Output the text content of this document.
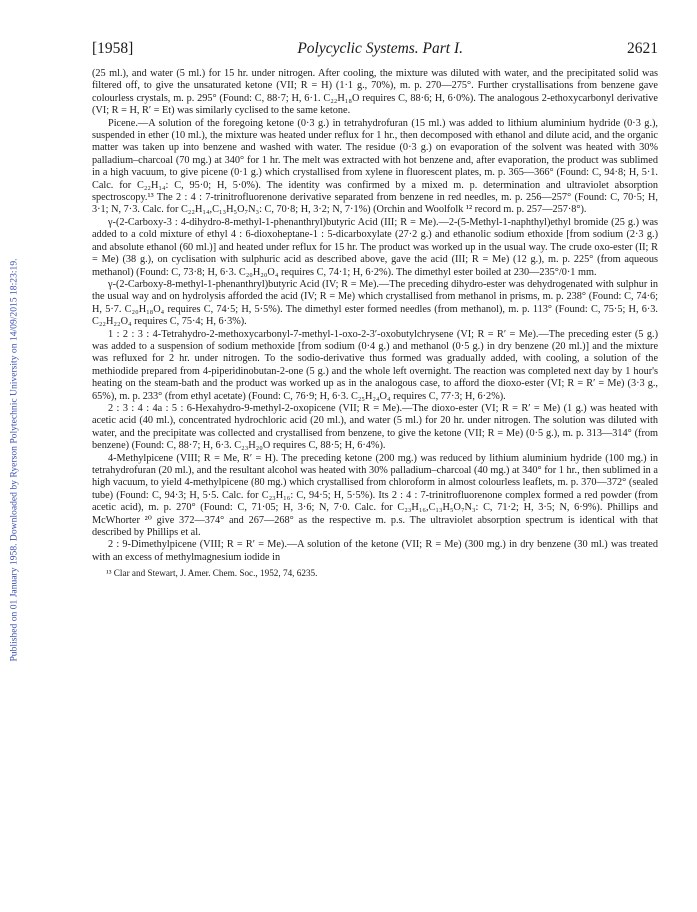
Published on 01 January 1958. Downloaded by Ryerson Polytechnic University on 14/09/2015 18:23:19.
[1958]	Polycyclic Systems. Part I.	2621

(25 ml.), and water (5 ml.) for 15 hr. under nitrogen. After cooling, the mixture was diluted with water, and the precipitated solid was filtered off, to give the unsaturated ketone (VII; R = H) (1·1 g., 70%), m. p. 270—275°. Further crystallisations from benzene gave colourless crystals, m. p. 295° (Found: C, 88·7; H, 6·1. C₂₂H₁₈O requires C, 88·6; H, 6·0%). The analogous 2-ethoxycarbonyl derivative (VI; R = H, R′ = Et) was similarly cyclised to the same ketone.

Picene.—A solution of the foregoing ketone (0·3 g.) in tetrahydrofuran (15 ml.) was added to lithium aluminium hydride (0·3 g.), suspended in ether (10 ml.), the mixture was heated under reflux for 1 hr., then decomposed with ethanol and dilute acid, and the organic matter was taken up into benzene and washed with water. The residue (0·3 g.) on evaporation of the solvent was heated with 30% palladium–charcoal (70 mg.) at 340° for 1 hr. The melt was extracted with hot benzene and, after evaporation, the product was sublimed in a high vacuum, to give picene (0·1 g.) which crystallised from xylene in fluorescent plates, m. p. 365—366° (Found: C, 94·8; H, 5·1. Calc. for C₂₂H₁₄: C, 95·0; H, 5·0%). The identity was confirmed by a mixed m. p. determination and ultraviolet absorption spectroscopy.¹³ The 2 : 4 : 7-trinitrofluorenone derivative separated from benzene in red needles, m. p. 256—257° (Found: C, 70·5; H, 3·1; N, 7·3. Calc. for C₂₂H₁₄,C₁₃H₅O₇N₃: C, 70·8; H, 3·2; N, 7·1%) (Orchin and Woolfolk ¹² record m. p. 257—257·8°).

γ-(2-Carboxy-3 : 4-dihydro-8-methyl-1-phenanthryl)butyric Acid (III; R = Me).—2-(5-Methyl-1-naphthyl)ethyl bromide (25 g.) was added to a cold mixture of ethyl 4 : 6-dioxoheptane-1 : 5-dicarboxylate (27·2 g.) and ethanolic sodium ethoxide [from sodium (2·3 g.) and absolute ethanol (60 ml.)] and heated under reflux for 15 hr. The product was worked up in the usual way. The crude oxo-ester (II; R = Me) (38 g.), on cyclisation with sulphuric acid as described above, gave the acid (III; R = Me) (12 g.), m. p. 225° (from aqueous methanol) (Found: C, 73·8; H, 6·3. C₂₀H₂₀O₄ requires C, 74·1; H, 6·2%). The dimethyl ester boiled at 230—235°/0·1 mm.

γ-(2-Carboxy-8-methyl-1-phenanthryl)butyric Acid (IV; R = Me).—The preceding dihydro-ester was dehydrogenated with sulphur in the usual way and on hydrolysis afforded the acid (IV; R = Me) which crystallised from methanol in prisms, m. p. 238° (Found: C, 74·6; H, 5·7. C₂₀H₁₈O₄ requires C, 74·5; H, 5·5%). The dimethyl ester formed needles (from methanol), m. p. 113° (Found: C, 75·5; H, 6·3. C₂₂H₂₂O₄ requires C, 75·4; H, 6·3%).

1 : 2 : 3 : 4-Tetrahydro-2-methoxycarbonyl-7-methyl-1-oxo-2-3′-oxobutylchrysene (VI; R = R′ = Me).—The preceding ester (5 g.) was added to a suspension of sodium methoxide [from sodium (0·4 g.) and methanol (0·5 g.) in dry benzene (20 ml.)] and the mixture was refluxed for 2 hr. under nitrogen. To the sodio-derivative thus formed was gradually added, with cooling, a solution of the methiodide prepared from 4-piperidinobutan-2-one (5 g.) and the whole left overnight. The reaction was completed next day by 1 hour's heating on the steam-bath and the product was worked up as in the analogous case, to afford the dioxo-ester (VI; R = R′ = Me) (3·3 g., 65%), m. p. 233° (from ethyl acetate) (Found: C, 76·9; H, 6·3. C₂₅H₂₄O₄ requires C, 77·3; H, 6·2%).

2 : 3 : 4 : 4a : 5 : 6-Hexahydro-9-methyl-2-oxopicene (VII; R = Me).—The dioxo-ester (VI; R = R′ = Me) (1 g.) was heated with acetic acid (40 ml.), concentrated hydrochloric acid (20 ml.), and water (5 ml.) for 20 hr. under nitrogen. The solution was diluted with water, and the precipitate was collected and crystallised from benzene, to give the ketone (VII; R = Me) (0·5 g.), m. p. 313—314° (from benzene) (Found: C, 88·7; H, 6·3. C₂₃H₂₀O requires C, 88·5; H, 6·4%).

4-Methylpicene (VIII; R = Me, R′ = H). The preceding ketone (200 mg.) was reduced by lithium aluminium hydride (100 mg.) in tetrahydrofuran (20 ml.), and the resultant alcohol was heated with 30% palladium–charcoal (40 mg.) at 340° for 1 hr., then sublimed in a high vacuum, to yield 4-methylpicene (80 mg.) which crystallised from chloroform in almost colourless leaflets, m. p. 370—372° (sealed tube) (Found: C, 94·3; H, 5·5. Calc. for C₂₃H₁₆: C, 94·5; H, 5·5%). Its 2 : 4 : 7-trinitrofluorenone complex formed a red powder (from acetic acid), m. p. 270° (Found: C, 71·05; H, 3·6; N, 7·0. Calc. for C₂₃H₁₆,C₁₃H₅O₇N₃: C, 71·2; H, 3·5; N, 6·9%). Phillips and McWhorter ²⁰ give 372—374° and 267—268° as the respective m. p.s. The ultraviolet absorption spectrum is identical with that described by Phillips et al.

2 : 9-Dimethylpicene (VIII; R = R′ = Me).—A solution of the ketone (VII; R = Me) (300 mg.) in dry benzene (30 ml.) was treated with an excess of methylmagnesium iodide in

¹³ Clar and Stewart, J. Amer. Chem. Soc., 1952, 74, 6235.
